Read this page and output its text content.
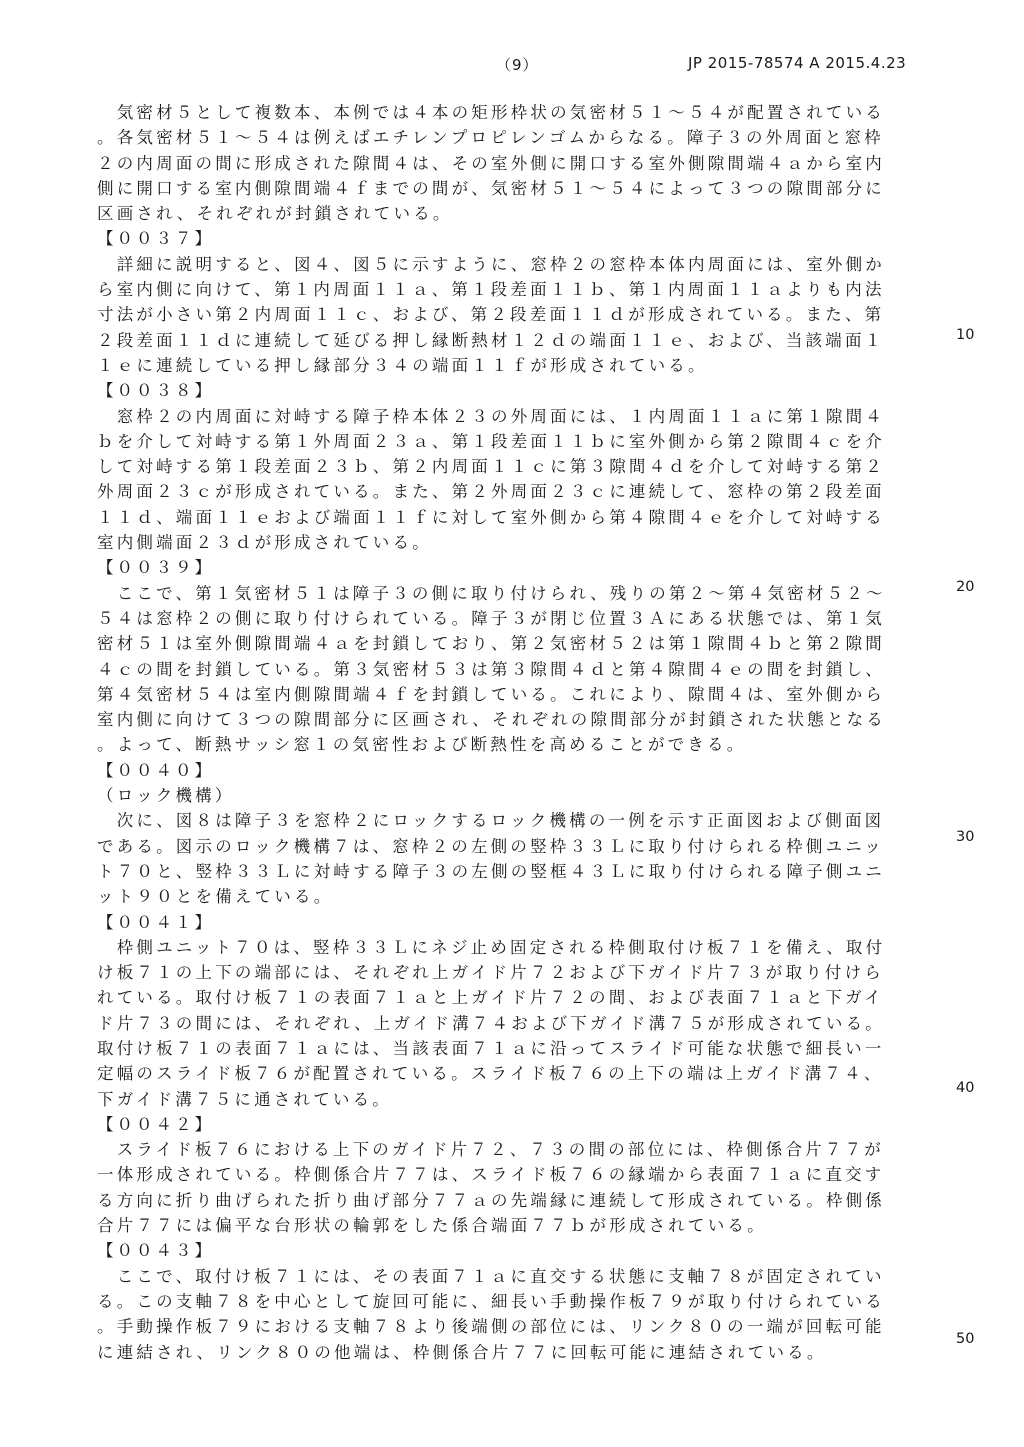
（9）	JP 2015-78574 A 2015.4.23
　気密材５として複数本、本例では４本の矩形枠状の気密材５１～５４が配置されている
。各気密材５１～５４は例えばエチレンプロピレンゴムからなる。障子３の外周面と窓枠
２の内周面の間に形成された隙間４は、その室外側に開口する室外側隙間端４ａから室内
側に開口する室内側隙間端４ｆまでの間が、気密材５１～５４によって３つの隙間部分に
区画され、それぞれが封鎖されている。
【００３７】
　詳細に説明すると、図４、図５に示すように、窓枠２の窓枠本体内周面には、室外側か
ら室内側に向けて、第１内周面１１ａ、第１段差面１１ｂ、第１内周面１１ａよりも内法
寸法が小さい第２内周面１１ｃ、および、第２段差面１１ｄが形成されている。また、第
２段差面１１ｄに連続して延びる押し縁断熱材１２ｄの端面１１ｅ、および、当該端面１
１ｅに連続している押し縁部分３４の端面１１ｆが形成されている。
【００３８】
　窓枠２の内周面に対峙する障子枠本体２３の外周面には、１内周面１１ａに第１隙間４
ｂを介して対峙する第１外周面２３ａ、第１段差面１１ｂに室外側から第２隙間４ｃを介
して対峙する第１段差面２３ｂ、第２内周面１１ｃに第３隙間４ｄを介して対峙する第２
外周面２３ｃが形成されている。また、第２外周面２３ｃに連続して、窓枠の第２段差面
１１ｄ、端面１１ｅおよび端面１１ｆに対して室外側から第４隙間４ｅを介して対峙する
室内側端面２３ｄが形成されている。
【００３９】
　ここで、第１気密材５１は障子３の側に取り付けられ、残りの第２～第４気密材５２～
５４は窓枠２の側に取り付けられている。障子３が閉じ位置３Ａにある状態では、第１気
密材５１は室外側隙間端４ａを封鎖しており、第２気密材５２は第１隙間４ｂと第２隙間
４ｃの間を封鎖している。第３気密材５３は第３隙間４ｄと第４隙間４ｅの間を封鎖し、
第４気密材５４は室内側隙間端４ｆを封鎖している。これにより、隙間４は、室外側から
室内側に向けて３つの隙間部分に区画され、それぞれの隙間部分が封鎖された状態となる
。よって、断熱サッシ窓１の気密性および断熱性を高めることができる。
【００４０】
（ロック機構）
　次に、図８は障子３を窓枠２にロックするロック機構の一例を示す正面図および側面図
である。図示のロック機構７は、窓枠２の左側の竪枠３３Ｌに取り付けられる枠側ユニッ
ト７０と、竪枠３３Ｌに対峙する障子３の左側の竪框４３Ｌに取り付けられる障子側ユニ
ット９０とを備えている。
【００４１】
　枠側ユニット７０は、竪枠３３Ｌにネジ止め固定される枠側取付け板７１を備え、取付
け板７１の上下の端部には、それぞれ上ガイド片７２および下ガイド片７３が取り付けら
れている。取付け板７１の表面７１ａと上ガイド片７２の間、および表面７１ａと下ガイ
ド片７３の間には、それぞれ、上ガイド溝７４および下ガイド溝７５が形成されている。
取付け板７１の表面７１ａには、当該表面７１ａに沿ってスライド可能な状態で細長い一
定幅のスライド板７６が配置されている。スライド板７６の上下の端は上ガイド溝７４、
下ガイド溝７５に通されている。
【００４２】
　スライド板７６における上下のガイド片７２、７３の間の部位には、枠側係合片７７が
一体形成されている。枠側係合片７７は、スライド板７６の縁端から表面７１ａに直交す
る方向に折り曲げられた折り曲げ部分７７ａの先端縁に連続して形成されている。枠側係
合片７７には偏平な台形状の輪郭をした係合端面７７ｂが形成されている。
【００４３】
　ここで、取付け板７１には、その表面７１ａに直交する状態に支軸７８が固定されてい
る。この支軸７８を中心として旋回可能に、細長い手動操作板７９が取り付けられている
。手動操作板７９における支軸７８より後端側の部位には、リンク８０の一端が回転可能
に連結され、リンク８０の他端は、枠側係合片７７に回転可能に連結されている。
10
20
30
40
50
